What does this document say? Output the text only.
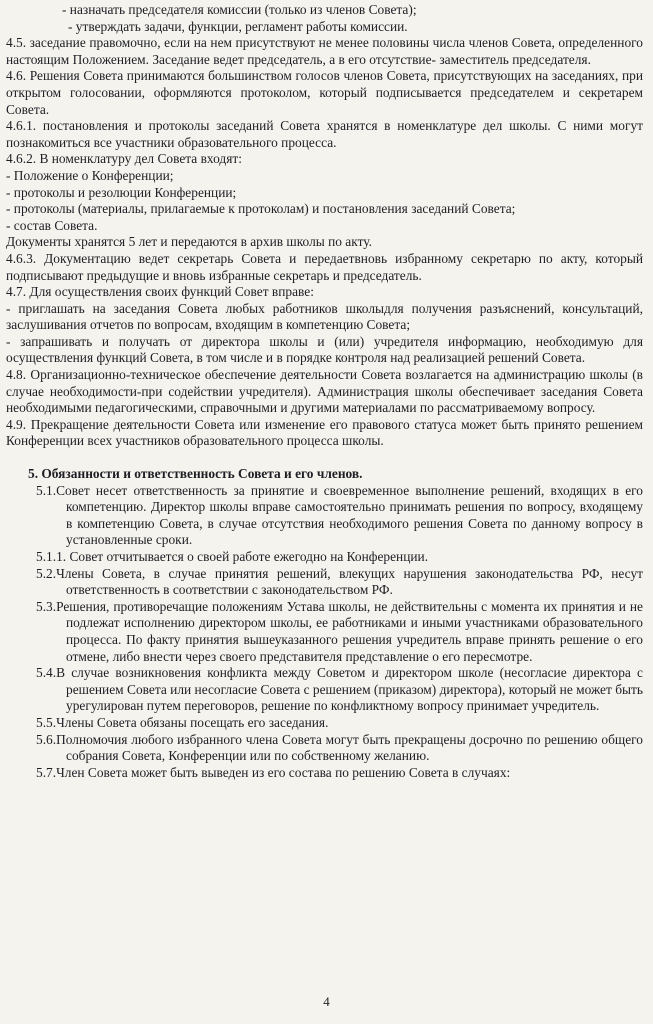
- назначать председателя комиссии (только из членов Совета);

- утверждать задачи, функции, регламент работы комиссии.

4.5. заседание правомочно, если на нем присутствуют не менее половины числа членов Совета, определенного настоящим Положением. Заседание ведет председатель, а в его отсутствие- заместитель председателя.

4.6. Решения Совета принимаются большинством голосов членов Совета, присутствующих на заседаниях, при открытом голосовании, оформляются протоколом, который подписывается председателем и секретарем Совета.

4.6.1. постановления и протоколы заседаний Совета хранятся в номенклатуре дел школы. С ними могут познакомиться все участники образовательного процесса.

4.6.2. В номенклатуру дел Совета входят:

- Положение о Конференции;

- протоколы и резолюции Конференции;

- протоколы (материалы, прилагаемые к протоколам) и постановления заседаний Совета;

- состав Совета.

Документы хранятся 5 лет и передаются в архив школы по акту.

4.6.3. Документацию ведет секретарь Совета и передаетвновь избранному секретарю по акту, который подписывают предыдущие и вновь избранные секретарь и председатель.

4.7. Для осуществления своих функций Совет вправе:

- приглашать на заседания Совета любых работников школыдля получения разъяснений, консультаций, заслушивания отчетов по вопросам, входящим в компетенцию Совета;

- запрашивать и получать от директора школы и (или) учредителя информацию, необходимую для осуществления функций Совета, в том числе и в порядке контроля над реализацией решений Совета.

4.8. Организационно-техническое обеспечение деятельности Совета возлагается на администрацию школы (в случае необходимости-при содействии учредителя). Администрация школы обеспечивает заседания Совета необходимыми педагогическими, справочными и другими материалами по рассматриваемому вопросу.

4.9. Прекращение деятельности Совета или изменение его правового статуса может быть принято решением Конференции всех участников образовательного процесса школы.

5. Обязанности и ответственность Совета и его членов.

5.1.Совет несет ответственность за принятие и своевременное выполнение решений, входящих в его компетенцию. Директор школы вправе самостоятельно принимать решения по вопросу, входящему в компетенцию Совета, в случае отсутствия необходимого решения Совета по данному вопросу в установленные сроки.

5.1.1. Совет отчитывается о своей работе ежегодно на Конференции.

5.2.Члены Совета, в случае принятия решений, влекущих нарушения законодательства РФ, несут ответственность в соответствии с законодательством РФ.

5.3.Решения, противоречащие положениям Устава школы, не действительны с момента их принятия и не подлежат исполнению директором школы, ее работниками и иными участниками образовательного процесса. По факту принятия вышеуказанного решения учредитель вправе принять решение о его отмене, либо внести через своего представителя представление о его пересмотре.

5.4.В случае возникновения конфликта между Советом и директором школе (несогласие директора с решением Совета или несогласие Совета с решением (приказом) директора), который не может быть урегулирован путем переговоров, решение по конфликтному вопросу принимает учредитель.

5.5.Члены Совета обязаны посещать его заседания.

5.6.Полномочия любого избранного члена Совета могут быть прекращены досрочно по решению общего собрания Совета, Конференции или по собственному желанию.

5.7.Член Совета может быть выведен из его состава по решению Совета в случаях:

4
